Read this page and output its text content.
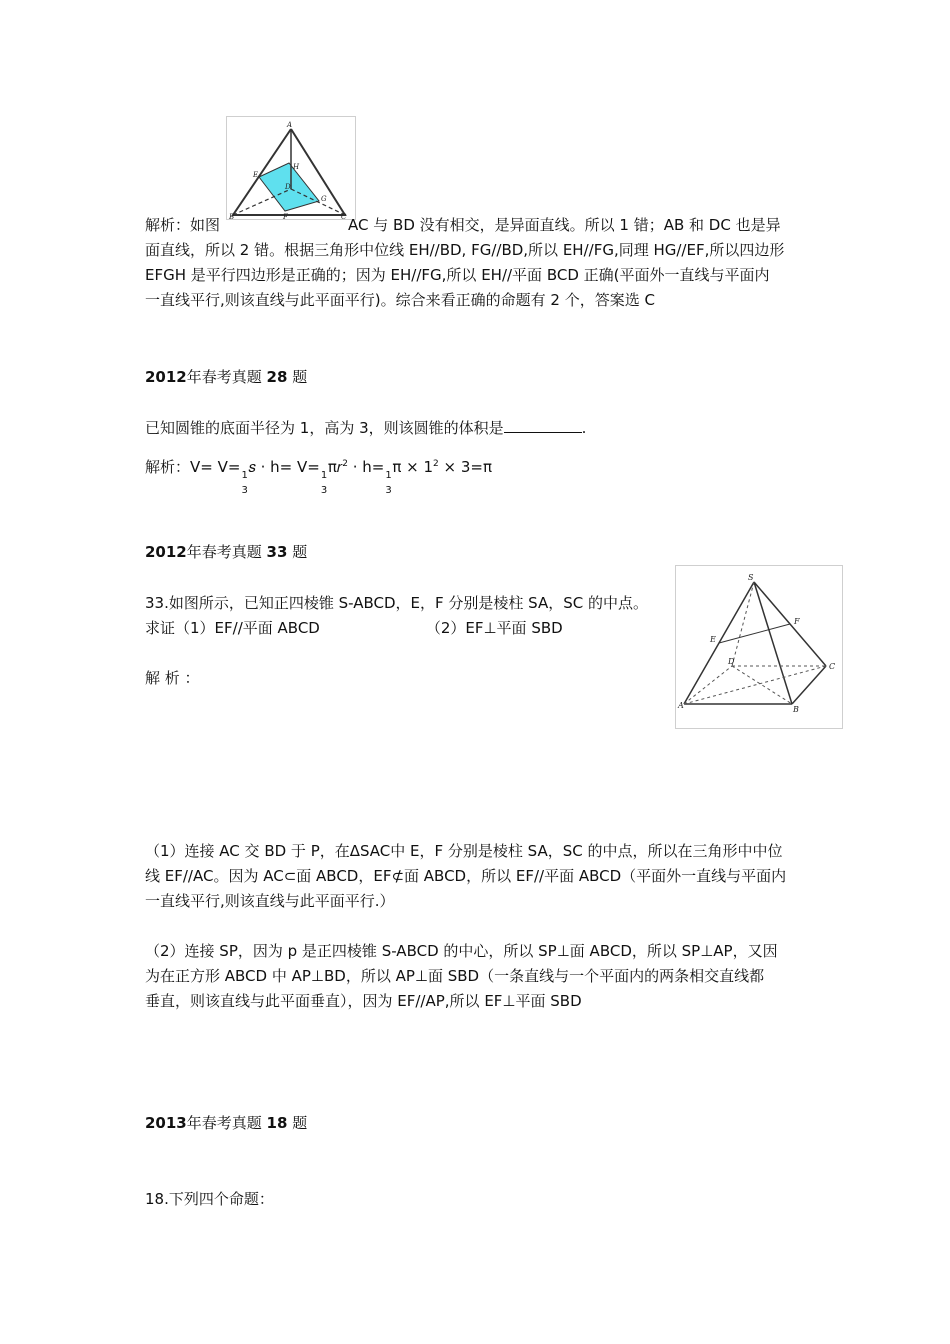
A
E
H
D
G
F
B	C
解析：如图	AC 与 BD 没有相交，是异面直线。所以 1 错；AB 和 DC 也是异
面直线，所以 2 错。根据三角形中位线 EH//BD, FG//BD,所以 EH//FG,同理 HG//EF,所以四边形
EFGH 是平行四边形是正确的；因为 EH//FG,所以 EH//平面 BCD 正确(平面外一直线与平面内
一直线平行,则该直线与此平面平行)。综合来看正确的命题有 2 个，答案选 C
2012年春考真题 28 题
已知圆锥的底面半径为 1，高为 3，则该圆锥的体积是	.
解析：V= V= 1
3
𝑠 · h= V= 1
3
π𝑟$^2$ · h= 1
3
$\pi \times 1^2 \times 3=\pi$
2012年春考真题 33 题
33.如图所示，已知正四棱锥 S-ABCD，E，F 分别是棱柱 SA，SC 的中点。
求证（1）EF//平面 ABCD	（2）EF⊥平面 SBD
解 析 ：
S
E
F
D
C
A	B
（1）连接 AC 交 BD 于 P，在ΔSAC中 E，F 分别是棱柱 SA，SC 的中点，所以在三角形中中位
线 EF//AC。因为 AC⊂面 ABCD，EF⊄面 ABCD，所以 EF//平面 ABCD（平面外一直线与平面内
一直线平行,则该直线与此平面平行.）
（2）连接 SP，因为 p 是正四棱锥 S-ABCD 的中心，所以 SP⊥面 ABCD，所以 SP⊥AP，又因
为在正方形 ABCD 中 AP⊥BD，所以 AP⊥面 SBD（一条直线与一个平面内的两条相交直线都
垂直，则该直线与此平面垂直），因为 EF//AP,所以 EF⊥平面 SBD
2013年春考真题 18 题
18.下列四个命题：
